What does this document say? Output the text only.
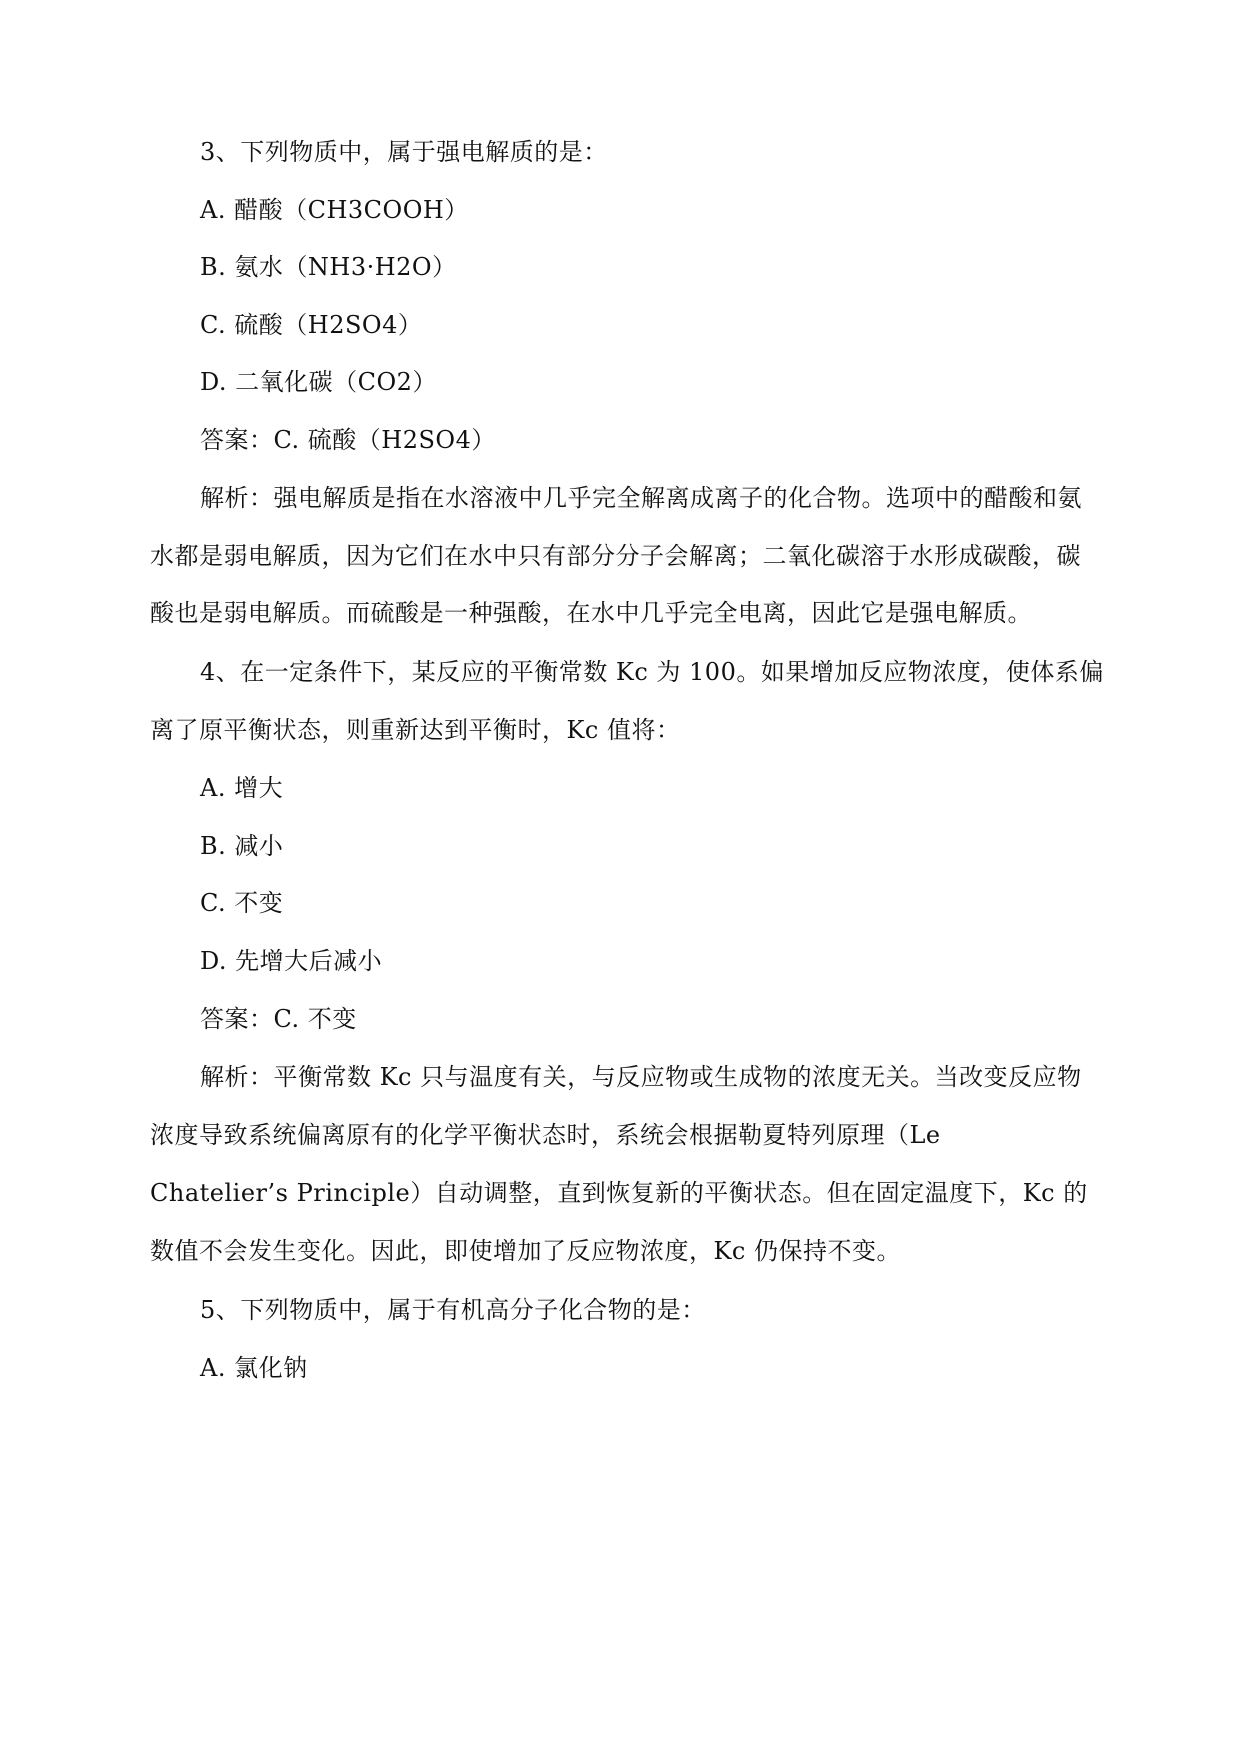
3、下列物质中，属于强电解质的是：
A. 醋酸（CH3COOH）
B. 氨水（NH3·H2O）
C. 硫酸（H2SO4）
D. 二氧化碳（CO2）
答案：C. 硫酸（H2SO4）
解析：强电解质是指在水溶液中几乎完全解离成离子的化合物。选项中的醋酸和氨
水都是弱电解质，因为它们在水中只有部分分子会解离；二氧化碳溶于水形成碳酸，碳
酸也是弱电解质。而硫酸是一种强酸，在水中几乎完全电离，因此它是强电解质。
4、在一定条件下，某反应的平衡常数 Kc 为 100。如果增加反应物浓度，使体系偏
离了原平衡状态，则重新达到平衡时，Kc 值将：
A. 增大
B. 减小
C. 不变
D. 先增大后减小
答案：C. 不变
解析：平衡常数 Kc 只与温度有关，与反应物或生成物的浓度无关。当改变反应物
浓度导致系统偏离原有的化学平衡状态时，系统会根据勒夏特列原理（Le
Chatelier’s Principle）自动调整，直到恢复新的平衡状态。但在固定温度下，Kc 的
数值不会发生变化。因此，即使增加了反应物浓度，Kc 仍保持不变。
5、下列物质中，属于有机高分子化合物的是：
A. 氯化钠
